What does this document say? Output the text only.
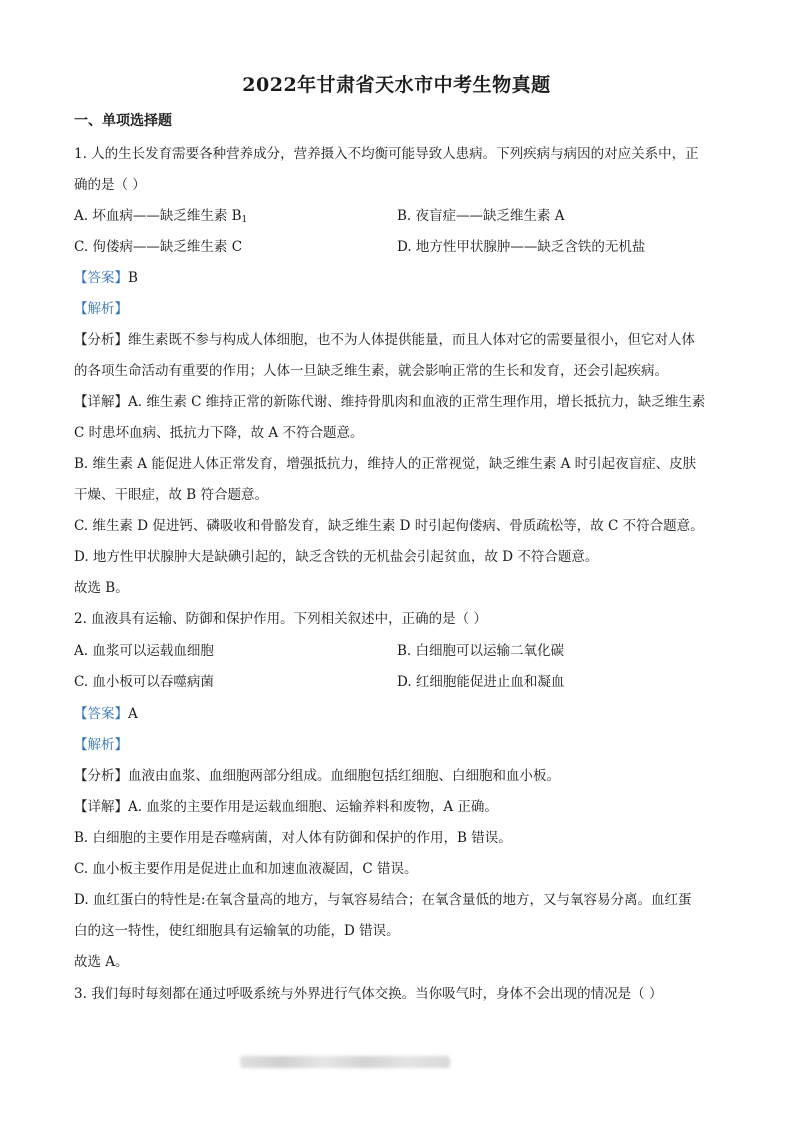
2022年甘肃省天水市中考生物真题
一、单项选择题
1. 人的生长发育需要各种营养成分，营养摄入不均衡可能导致人患病。下列疾病与病因的对应关系中，正
确的是（ ）
A. 坏血病——缺乏维生素 $B_1$	B. 夜盲症——缺乏维生素 A
C. 佝偻病——缺乏维生素 C	D. 地方性甲状腺肿——缺乏含铁的无机盐
【答案】B
【解析】
【分析】维生素既不参与构成人体细胞，也不为人体提供能量，而且人体对它的需要量很小，但它对人体
的各项生命活动有重要的作用；人体一旦缺乏维生素，就会影响正常的生长和发育，还会引起疾病。
【详解】A. 维生素 C 维持正常的新陈代谢、维持骨肌肉和血液的正常生理作用，增长抵抗力，缺乏维生素
C 时患坏血病、抵抗力下降，故 A 不符合题意。
B. 维生素 A 能促进人体正常发育，增强抵抗力，维持人的正常视觉，缺乏维生素 A 时引起夜盲症、皮肤
干燥、干眼症，故 B 符合题意。
C. 维生素 D 促进钙、磷吸收和骨骼发育，缺乏维生素 D 时引起佝偻病、骨质疏松等，故 C 不符合题意。
D. 地方性甲状腺肿大是缺碘引起的，缺乏含铁的无机盐会引起贫血，故 D 不符合题意。
故选 B。
2. 血液具有运输、防御和保护作用。下列相关叙述中，正确的是（ ）
A. 血浆可以运载血细胞	B. 白细胞可以运输二氧化碳
C. 血小板可以吞噬病菌	D. 红细胞能促进止血和凝血
【答案】A
【解析】
【分析】血液由血浆、血细胞两部分组成。血细胞包括红细胞、白细胞和血小板。
【详解】A. 血浆的主要作用是运载血细胞、运输养料和废物，A 正确。
B. 白细胞的主要作用是吞噬病菌，对人体有防御和保护的作用，B 错误。
C. 血小板主要作用是促进止血和加速血液凝固，C 错误。
D. 血红蛋白的特性是:在氧含量高的地方，与氧容易结合；在氧含量低的地方，又与氧容易分离。血红蛋
白的这一特性，使红细胞具有运输氧的功能，D 错误。
故选 A。
3. 我们每时每刻都在通过呼吸系统与外界进行气体交换。当你吸气时，身体不会出现的情况是（ ）
